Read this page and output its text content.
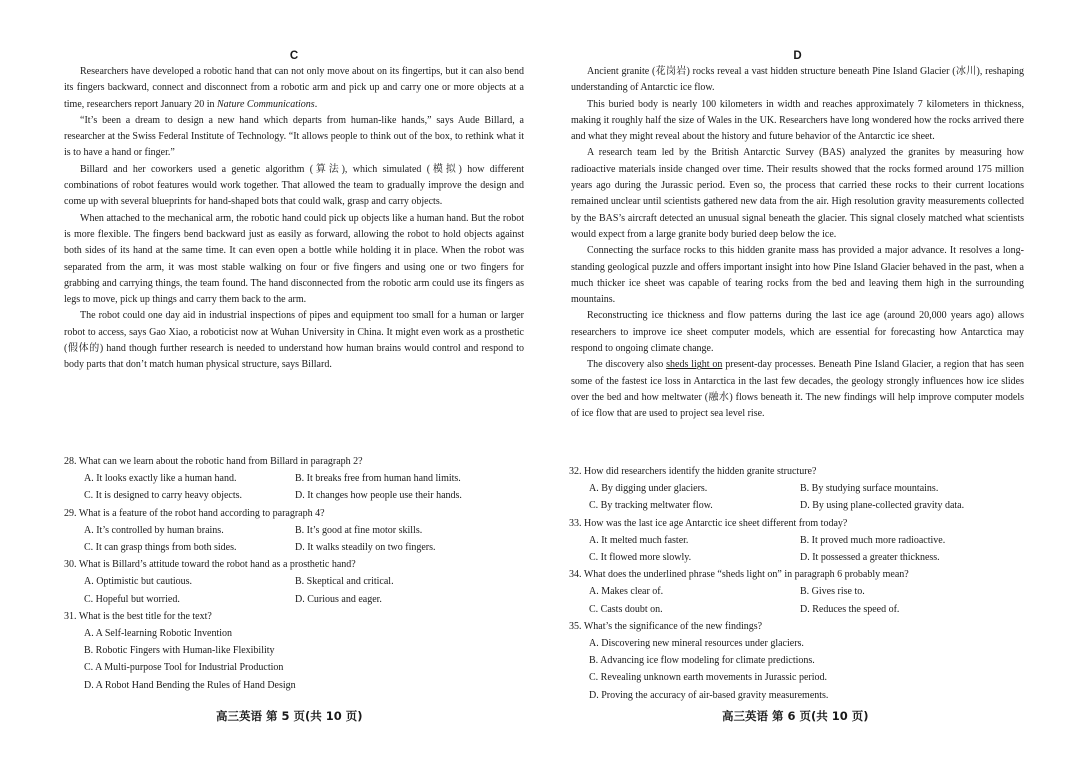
C

Researchers have developed a robotic hand that can not only move about on its fingertips, but it can also bend its fingers backward, connect and disconnect from a robotic arm and pick up and carry one or more objects at a time, researchers report January 20 in Nature Communications.

“It’s been a dream to design a new hand which departs from human-like hands,” says Aude Billard, a researcher at the Swiss Federal Institute of Technology. “It allows people to think out of the box, to rethink what it is to have a hand or finger.”

Billard and her coworkers used a genetic algorithm (算法), which simulated (模拟) how different combinations of robot features would work together. That allowed the team to gradually improve the design and come up with several blueprints for hand-shaped bots that could walk, grasp and carry objects.

When attached to the mechanical arm, the robotic hand could pick up objects like a human hand. But the robot is more flexible. The fingers bend backward just as easily as forward, allowing the robot to hold objects against both sides of its hand at the same time. It can even open a bottle while holding it in place. When the robot was separated from the arm, it was most stable walking on four or five fingers and using one or two fingers for grabbing and carrying things, the team found. The hand disconnected from the robotic arm could use its fingers as legs to move, pick up things and carry them back to the arm.

The robot could one day aid in industrial inspections of pipes and equipment too small for a human or larger robot to access, says Gao Xiao, a roboticist now at Wuhan University in China. It might even work as a prosthetic (假体的) hand though further research is needed to understand how human brains would control and respond to body parts that don’t match human physical structure, says Billard.

28. What can we learn about the robotic hand from Billard in paragraph 2?
A. It looks exactly like a human hand.	B. It breaks free from human hand limits.
C. It is designed to carry heavy objects.	D. It changes how people use their hands.
29. What is a feature of the robot hand according to paragraph 4?
A. It’s controlled by human brains.	B. It’s good at fine motor skills.
C. It can grasp things from both sides.	D. It walks steadily on two fingers.
30. What is Billard’s attitude toward the robot hand as a prosthetic hand?
A. Optimistic but cautious.	B. Skeptical and critical.
C. Hopeful but worried.	D. Curious and eager.
31. What is the best title for the text?
A. A Self-learning Robotic Invention
B. Robotic Fingers with Human-like Flexibility
C. A Multi-purpose Tool for Industrial Production
D. A Robot Hand Bending the Rules of Hand Design
高三英语 第 5 页(共 10 页)
D

Ancient granite (花岗岩) rocks reveal a vast hidden structure beneath Pine Island Glacier (冰川), reshaping understanding of Antarctic ice flow.

This buried body is nearly 100 kilometers in width and reaches approximately 7 kilometers in thickness, making it roughly half the size of Wales in the UK. Researchers have long wondered how the rocks arrived there and what they might reveal about the history and future behavior of the Antarctic ice sheet.

A research team led by the British Antarctic Survey (BAS) analyzed the granites by measuring how radioactive materials inside changed over time. Their results showed that the rocks formed around 175 million years ago during the Jurassic period. Even so, the process that carried these rocks to their current locations remained unclear until scientists gathered new data from the air. High resolution gravity measurements collected by the BAS’s aircraft detected an unusual signal beneath the glacier. This signal closely matched what scientists would expect from a large granite body buried deep below the ice.

Connecting the surface rocks to this hidden granite mass has provided a major advance. It resolves a long-standing geological puzzle and offers important insight into how Pine Island Glacier behaved in the past, when a much thicker ice sheet was capable of tearing rocks from the bed and leaving them high in the surrounding mountains.

Reconstructing ice thickness and flow patterns during the last ice age (around 20,000 years ago) allows researchers to improve ice sheet computer models, which are essential for forecasting how Antarctica may respond to ongoing climate change.

The discovery also sheds light on present-day processes. Beneath Pine Island Glacier, a region that has seen some of the fastest ice loss in Antarctica in the last few decades, the geology strongly influences how ice slides over the bed and how meltwater (融水) flows beneath it. The new findings will help improve computer models of ice flow that are used to project sea level rise.

32. How did researchers identify the hidden granite structure?
A. By digging under glaciers.	B. By studying surface mountains.
C. By tracking meltwater flow.	D. By using plane-collected gravity data.
33. How was the last ice age Antarctic ice sheet different from today?
A. It melted much faster.	B. It proved much more radioactive.
C. It flowed more slowly.	D. It possessed a greater thickness.
34. What does the underlined phrase “sheds light on” in paragraph 6 probably mean?
A. Makes clear of.	B. Gives rise to.
C. Casts doubt on.	D. Reduces the speed of.
35. What’s the significance of the new findings?
A. Discovering new mineral resources under glaciers.
B. Advancing ice flow modeling for climate predictions.
C. Revealing unknown earth movements in Jurassic period.
D. Proving the accuracy of air-based gravity measurements.
高三英语 第 6 页(共 10 页)
